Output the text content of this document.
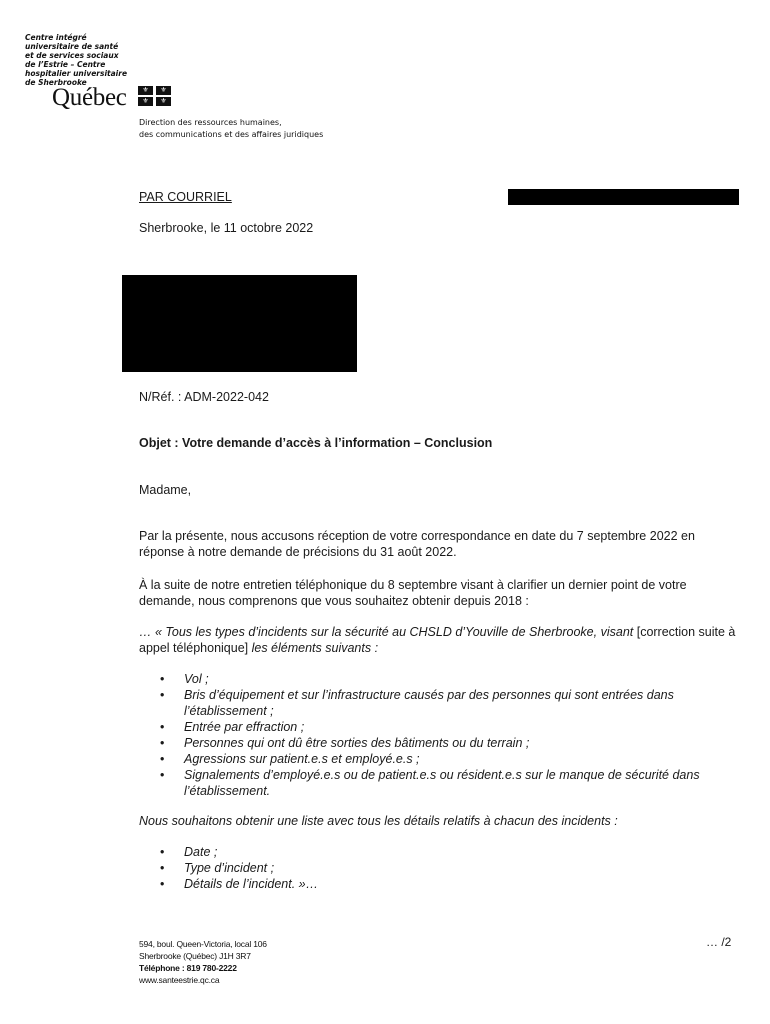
Centre intégré
universitaire de santé
et de services sociaux
de l’Estrie – Centre
hospitalier universitaire
de Sherbrooke
Québec	⚜	⚜
⚜	⚜
Direction des ressources humaines,
des communications et des affaires juridiques
PAR COURRIEL
Sherbrooke, le 11 octobre 2022
N/Réf. : ADM-2022-042
Objet : Votre demande d’accès à l’information – Conclusion
Madame,
Par la présente, nous accusons réception de votre correspondance en date du 7 septembre 2022 en
réponse à notre demande de précisions du 31 août 2022.
À la suite de notre entretien téléphonique du 8 septembre visant à clarifier un dernier point de votre
demande, nous comprenons que vous souhaitez obtenir depuis 2018 :
… « Tous les types d’incidents sur la sécurité au CHSLD d’Youville de Sherbrooke, visant [correction suite à
appel téléphonique] les éléments suivants :
• Vol ;
• Bris d’équipement et sur l’infrastructure causés par des personnes qui sont entrées dans
l’établissement ;
• Entrée par effraction ;
• Personnes qui ont dû être sorties des bâtiments ou du terrain ;
• Agressions sur patient.e.s et employé.e.s ;
• Signalements d’employé.e.s ou de patient.e.s ou résident.e.s sur le manque de sécurité dans
l’établissement.
Nous souhaitons obtenir une liste avec tous les détails relatifs à chacun des incidents :
• Date ;
• Type d’incident ;
• Détails de l’incident. »…
594, boul. Queen-Victoria, local 106
Sherbrooke (Québec) J1H 3R7
Téléphone : 819 780-2222
www.santeestrie.qc.ca
… /2
